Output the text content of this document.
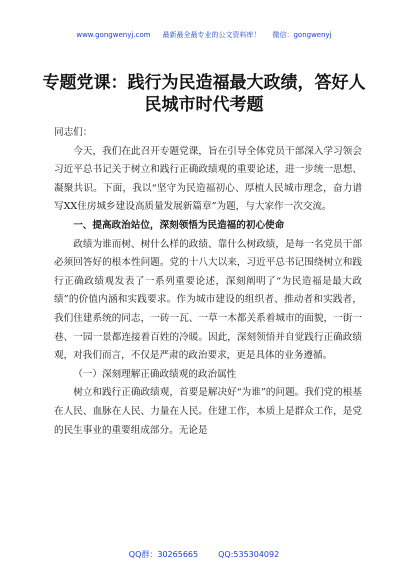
www.gongwenyj.com 最新最全最专业的公文资料库！ 微信：gongwenyj
专题党课：践行为民造福最大政绩，答好人民城市时代考题

同志们：

今天，我们在此召开专题党课，旨在引导全体党员干部深入学习领会习近平总书记关于树立和践行正确政绩观的重要论述，进一步统一思想、凝聚共识。下面，我以“坚守为民造福初心、厚植人民城市理念，奋力谱写XX住房城乡建设高质量发展新篇章”为题，与大家作一次交流。

一、提高政治站位，深刻领悟为民造福的初心使命

政绩为谁而树、树什么样的政绩、靠什么树政绩，是每一名党员干部必须回答好的根本性问题。党的十八大以来，习近平总书记围绕树立和践行正确政绩观发表了一系列重要论述，深刻阐明了“为民造福是最大政绩”的价值内涵和实践要求。作为城市建设的组织者、推动者和实践者，我们住建系统的同志，一砖一瓦、一草一木都关系着城市的面貌，一街一巷、一园一景都连接着百姓的冷暖。因此，深刻领悟并自觉践行正确政绩观，对我们而言，不仅是严肃的政治要求，更是具体的业务遵循。

（一）深刻理解正确政绩观的政治属性

树立和践行正确政绩观，首要是解决好“为谁”的问题。我们党的根基在人民、血脉在人民、力量在人民。住建工作，本质上是群众工作，是党的民生事业的重要组成部分。无论是

QQ群：30265665	QQ:535304092
